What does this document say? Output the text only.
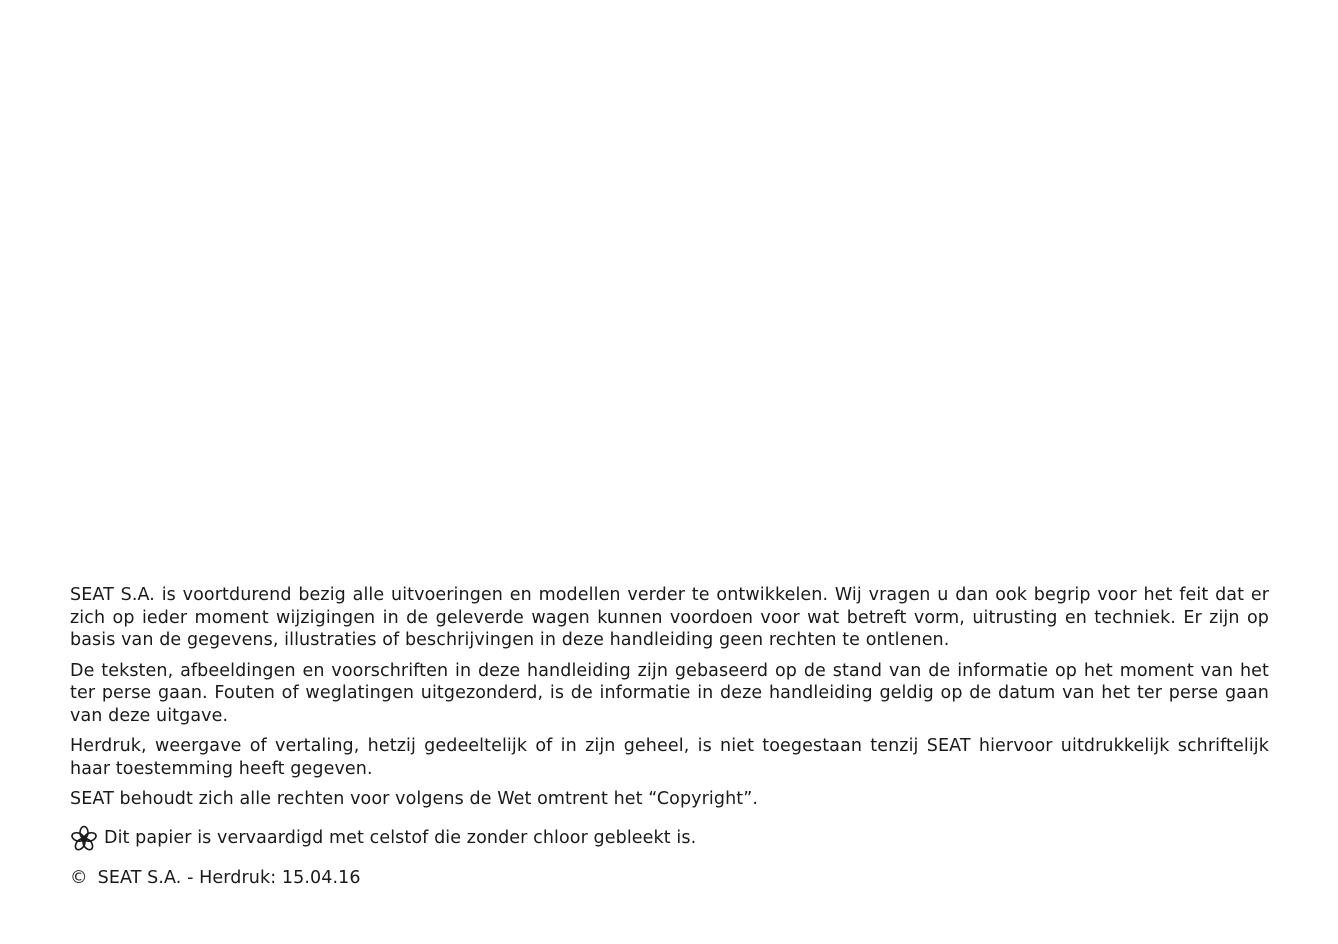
SEAT S.A. is voortdurend bezig alle uitvoeringen en modellen verder te ontwikkelen. Wij vragen u dan ook begrip voor het feit dat er zich op ieder moment wijzigingen in de geleverde wagen kunnen voordoen voor wat betreft vorm, uitrusting en techniek. Er zijn op basis van de gegevens, illustraties of beschrijvingen in deze handleiding geen rechten te ontlenen.

De teksten, afbeeldingen en voorschriften in deze handleiding zijn gebaseerd op de stand van de informatie op het moment van het ter perse gaan. Fouten of weglatingen uitgezonderd, is de informatie in deze handleiding geldig op de datum van het ter perse gaan van deze uitgave.

Herdruk, weergave of vertaling, hetzij gedeeltelijk of in zijn geheel, is niet toegestaan tenzij SEAT hiervoor uitdrukkelijk schriftelijk haar toestemming heeft gegeven.

SEAT behoudt zich alle rechten voor volgens de Wet omtrent het “Copyright”.

Dit papier is vervaardigd met celstof die zonder chloor gebleekt is.
© SEAT S.A. - Herdruk: 15.04.16
